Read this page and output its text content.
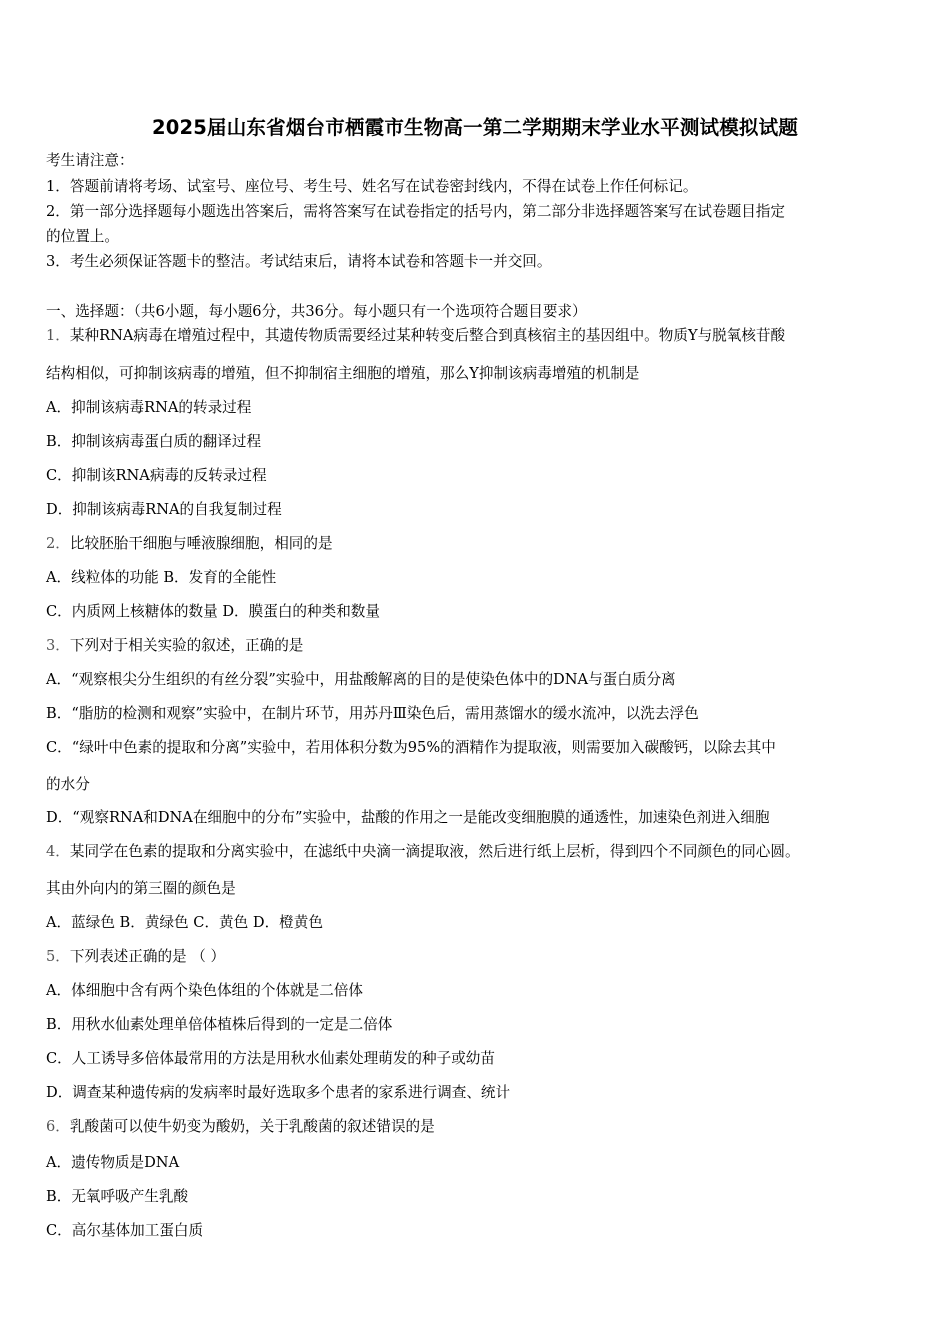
2025届山东省烟台市栖霞市生物高一第二学期期末学业水平测试模拟试题
考生请注意：
1．答题前请将考场、试室号、座位号、考生号、姓名写在试卷密封线内，不得在试卷上作任何标记。
2．第一部分选择题每小题选出答案后，需将答案写在试卷指定的括号内，第二部分非选择题答案写在试卷题目指定
的位置上。
3．考生必须保证答题卡的整洁。考试结束后，请将本试卷和答题卡一并交回。
一、选择题：（共6小题，每小题6分，共36分。每小题只有一个选项符合题目要求）
1．某种RNA病毒在增殖过程中，其遗传物质需要经过某种转变后整合到真核宿主的基因组中。物质Y与脱氧核苷酸
结构相似，可抑制该病毒的增殖，但不抑制宿主细胞的增殖，那么Y抑制该病毒增殖的机制是
A．抑制该病毒RNA的转录过程
B．抑制该病毒蛋白质的翻译过程
C．抑制该RNA病毒的反转录过程
D．抑制该病毒RNA的自我复制过程
2．比较胚胎干细胞与唾液腺细胞，相同的是
A．线粒体的功能 B．发育的全能性
C．内质网上核糖体的数量 D．膜蛋白的种类和数量
3．下列对于相关实验的叙述，正确的是
A．“观察根尖分生组织的有丝分裂”实验中，用盐酸解离的目的是使染色体中的DNA与蛋白质分离
B．“脂肪的检测和观察”实验中，在制片环节，用苏丹Ⅲ染色后，需用蒸馏水的缓水流冲，以洗去浮色
C．“绿叶中色素的提取和分离”实验中，若用体积分数为95%的酒精作为提取液，则需要加入碳酸钙，以除去其中
的水分
D．“观察RNA和DNA在细胞中的分布”实验中，盐酸的作用之一是能改变细胞膜的通透性，加速染色剂进入细胞
4．某同学在色素的提取和分离实验中，在滤纸中央滴一滴提取液，然后进行纸上层析，得到四个不同颜色的同心圆。
其由外向内的第三圈的颜色是
A．蓝绿色 B．黄绿色 C．黄色 D．橙黄色
5．下列表述正确的是 （ ）
A．体细胞中含有两个染色体组的个体就是二倍体
B．用秋水仙素处理单倍体植株后得到的一定是二倍体
C．人工诱导多倍体最常用的方法是用秋水仙素处理萌发的种子或幼苗
D．调查某种遗传病的发病率时最好选取多个患者的家系进行调查、统计
6．乳酸菌可以使牛奶变为酸奶，关于乳酸菌的叙述错误的是
A．遗传物质是DNA
B．无氧呼吸产生乳酸
C．高尔基体加工蛋白质
